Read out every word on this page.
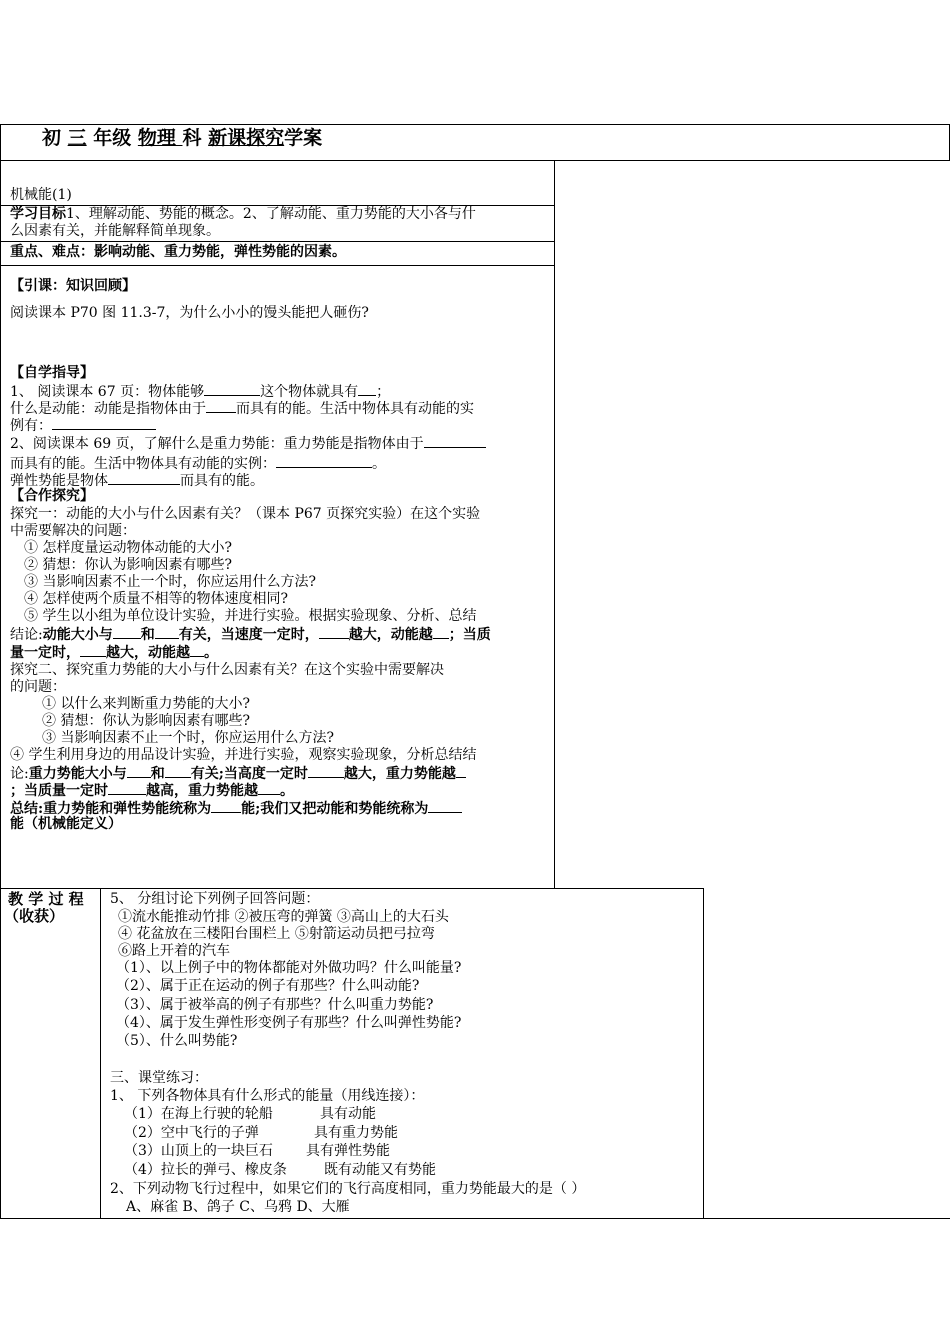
初 三 年级 物理 科 新课探究学案
机械能(1)
学习目标1、理解动能、势能的概念。2、了解动能、重力势能的大小各与什
么因素有关，并能解释简单现象。
重点、难点：影响动能、重力势能，弹性势能的因素。
【引课：知识回顾】
阅读课本 P70 图 11.3-7，为什么小小的馒头能把人砸伤?
【自学指导】
1、 阅读课本 67 页：物体能够	这个物体就具有 ；
什么是动能：动能是指物体由于 而具有的能。生活中物体具有动能的实
例有：
2、阅读课本 69 页，了解什么是重力势能：重力势能是指物体由于
而具有的能。生活中物体具有动能的实例：	。
弹性势能是物体	而具有的能。
【合作探究】
探究一：动能的大小与什么因素有关？（课本 P67 页探究实验）在这个实验
中需要解决的问题：
① 怎样度量运动物体动能的大小?
② 猜想：你认为影响因素有哪些?
③ 当影响因素不止一个时，你应运用什么方法?
④ 怎样使两个质量不相等的物体速度相同?
⑤ 学生以小组为单位设计实验，并进行实验。根据实验现象、分析、总结
结论:动能大小与 和 有关，当速度一定时， 越大，动能越 ；当质
量一定时， 越大，动能越 。
探究二、探究重力势能的大小与什么因素有关？在这个实验中需要解决
的问题：
① 以什么来判断重力势能的大小?
② 猜想：你认为影响因素有哪些?
③ 当影响因素不止一个时，你应运用什么方法?
④ 学生利用身边的用品设计实验，并进行实验，观察实验现象，分析总结结
论:重力势能大小与 和 有关;当高度一定时	越大，重力势能越
；当质量一定时	越高，重力势能越 。
总结:重力势能和弹性势能统称为 能;我们又把动能和势能统称为
能（机械能定义）
教 学 过 程
（收获）
5、 分组讨论下列例子回答问题：
①流水能推动竹排 ②被压弯的弹簧 ③高山上的大石头
④ 花盆放在三楼阳台围栏上 ⑤射箭运动员把弓拉弯
⑥路上开着的汽车
（1）、以上例子中的物体都能对外做功吗？什么叫能量?
（2）、属于正在运动的例子有那些？什么叫动能?
（3）、属于被举高的例子有那些？什么叫重力势能?
（4）、属于发生弹性形变例子有那些？什么叫弹性势能?
（5）、什么叫势能?
三、课堂练习：
1、 下列各物体具有什么形式的能量（用线连接）：
（1）在海上行驶的轮船	具有动能
（2）空中飞行的子弹	具有重力势能
（3）山顶上的一块巨石 具有弹性势能
（4）拉长的弹弓、橡皮条	既有动能又有势能
2、下列动物飞行过程中，如果它们的飞行高度相同，重力势能最大的是（ ）
A、麻雀 B、鸽子 C、乌鸦 D、大雁
